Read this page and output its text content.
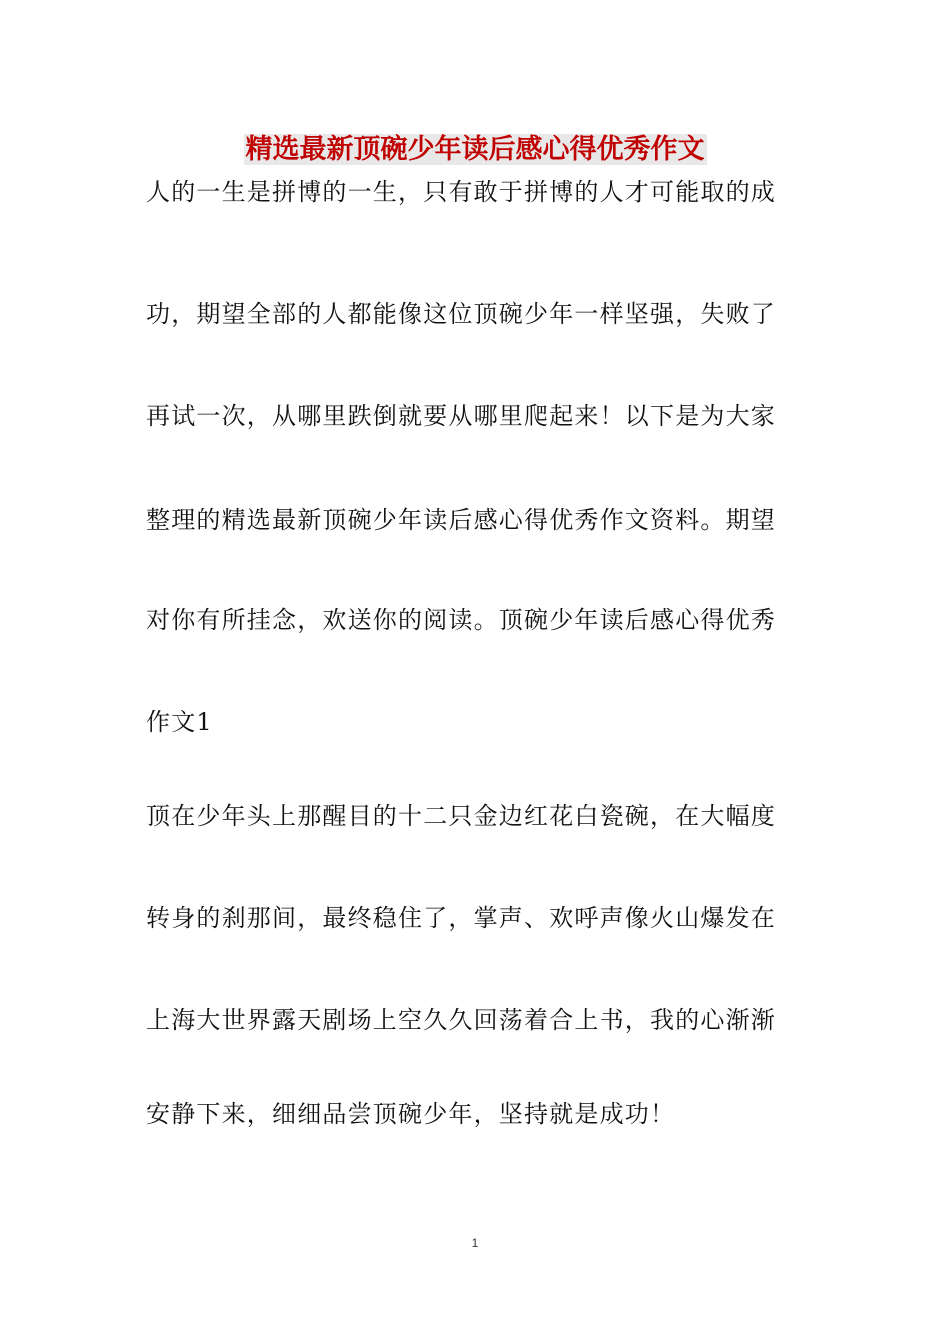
精选最新顶碗少年读后感心得优秀作文
人的一生是拼博的一生，只有敢于拼博的人才可能取的成
功，期望全部的人都能像这位顶碗少年一样坚强，失败了
再试一次，从哪里跌倒就要从哪里爬起来！以下是为大家
整理的精选最新顶碗少年读后感心得优秀作文资料。期望
对你有所挂念，欢送你的阅读。顶碗少年读后感心得优秀
作文1
顶在少年头上那醒目的十二只金边红花白瓷碗，在大幅度
转身的刹那间，最终稳住了，掌声、欢呼声像火山爆发在
上海大世界露天剧场上空久久回荡着合上书，我的心渐渐
安静下来，细细品尝顶碗少年，坚持就是成功！
1
